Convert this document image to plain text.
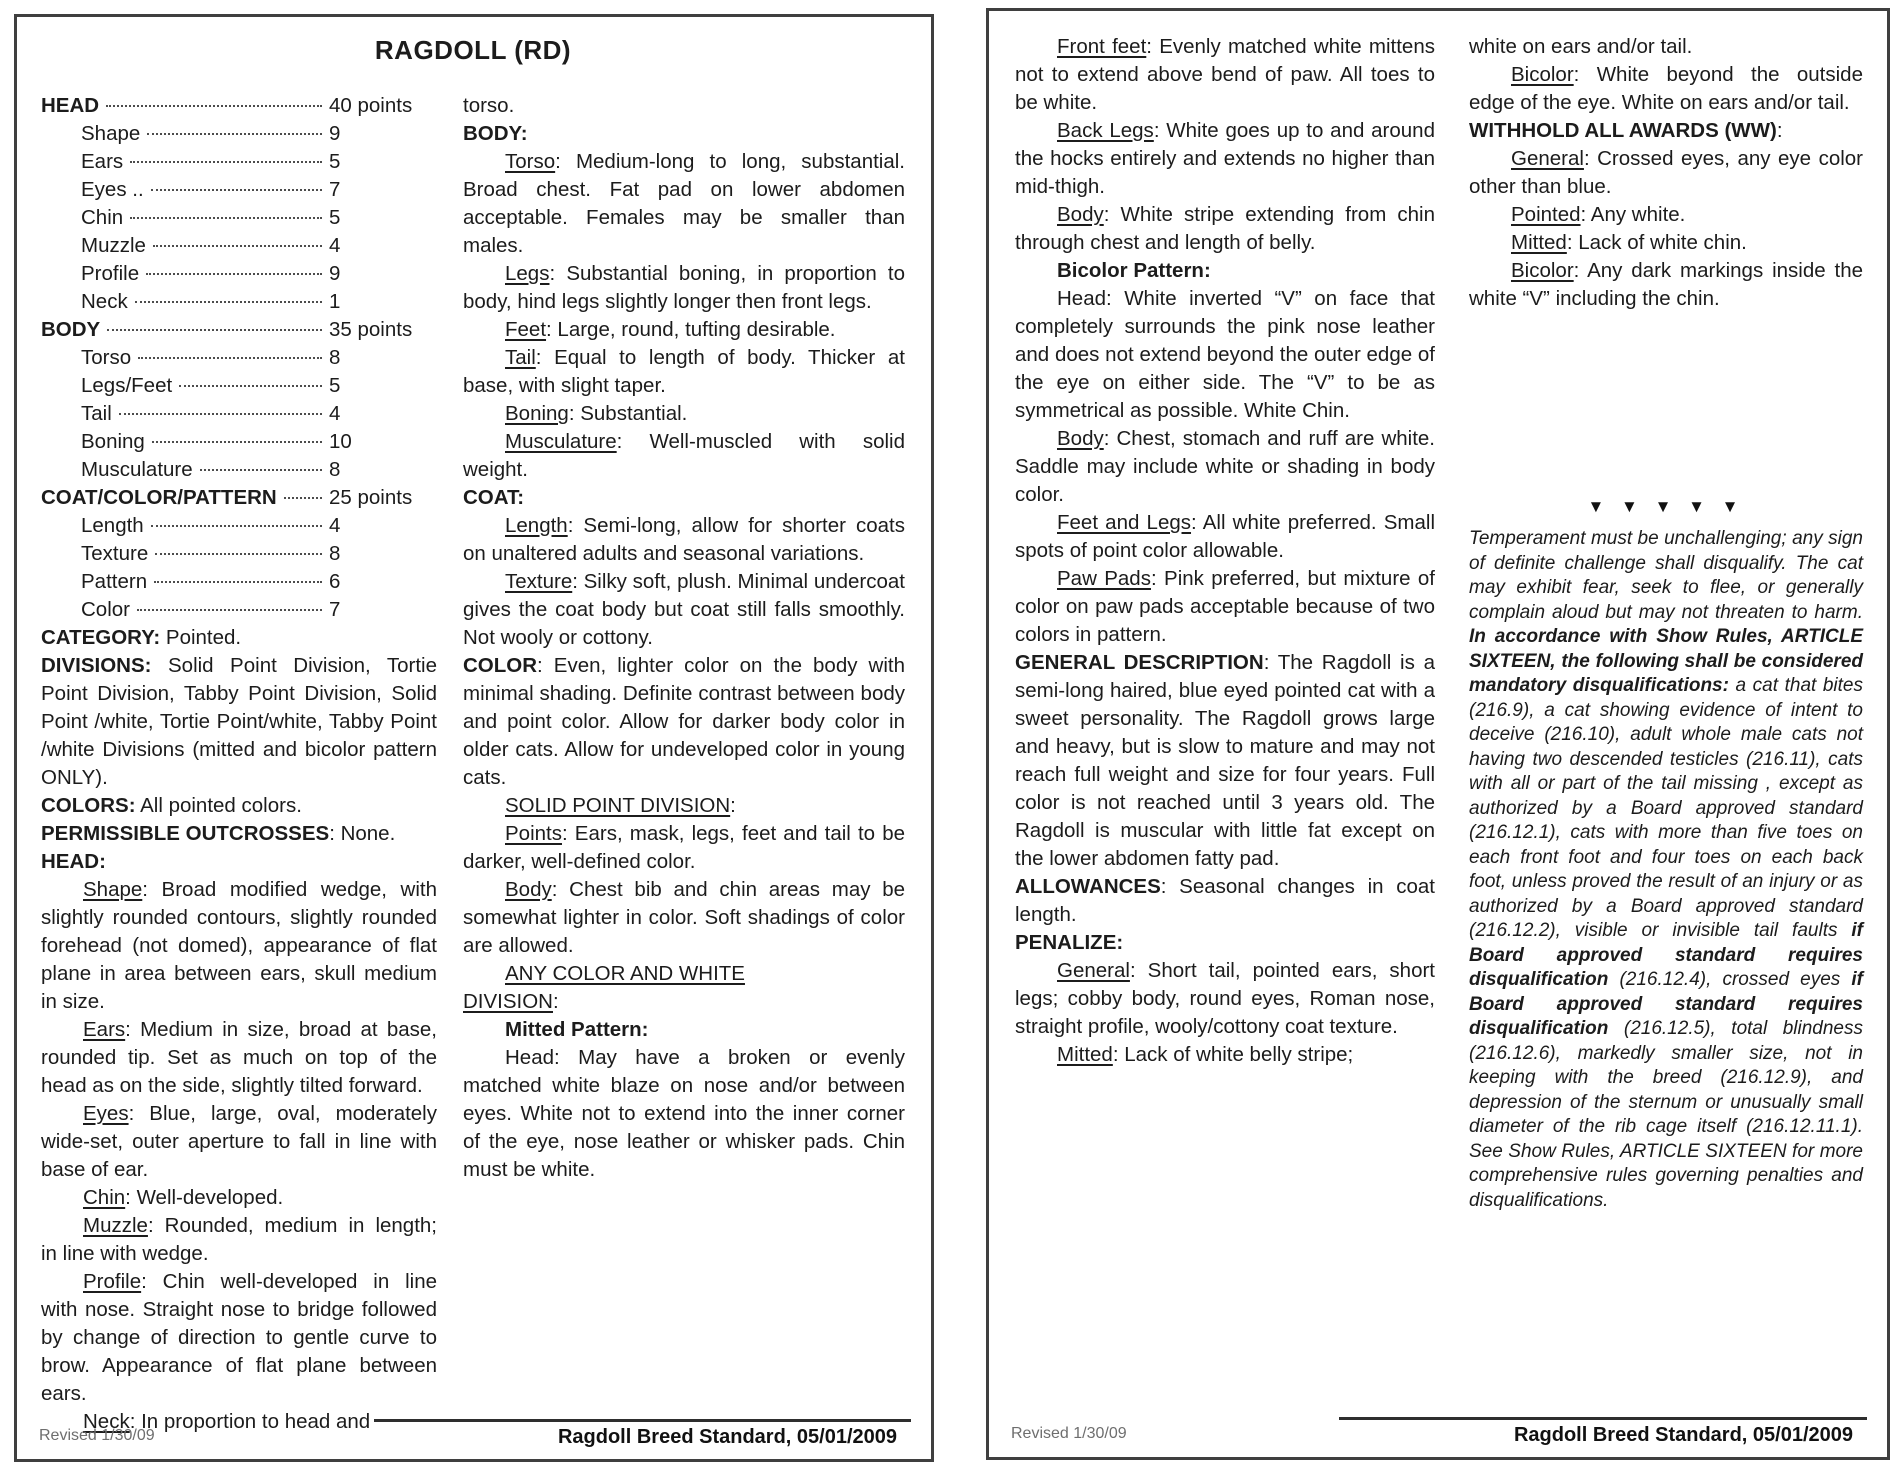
RAGDOLL (RD)
HEAD	40 points
Shape	9
Ears	5
Eyes ..	7
Chin	5
Muzzle	4
Profile	9
Neck	1
BODY	35 points
Torso	8
Legs/Feet	5
Tail	4
Boning	10
Musculature	8
COAT/COLOR/PATTERN	25 points
Length	4
Texture	8
Pattern	6
Color	7

CATEGORY: Pointed.

DIVISIONS: Solid Point Division, Tortie Point Division, Tabby Point Division, Solid Point /white, Tortie Point/white, Tabby Point /white Divisions (mitted and bicolor pattern ONLY).

COLORS: All pointed colors.

PERMISSIBLE OUTCROSSES: None.

HEAD:

Shape: Broad modified wedge, with slightly rounded contours, slightly rounded forehead (not domed), appearance of flat plane in area between ears, skull medium in size.

Ears: Medium in size, broad at base, rounded tip. Set as much on top of the head as on the side, slightly tilted forward.

Eyes: Blue, large, oval, moderately wide-set, outer aperture to fall in line with base of ear.

Chin: Well-developed.

Muzzle: Rounded, medium in length; in line with wedge.

Profile: Chin well-developed in line with nose. Straight nose to bridge followed by change of direction to gentle curve to brow. Appearance of flat plane between ears.

Neck: In proportion to head and

torso.

BODY:

Torso: Medium-long to long, substantial. Broad chest. Fat pad on lower abdomen acceptable. Females may be smaller than males.

Legs: Substantial boning, in proportion to body, hind legs slightly longer then front legs.

Feet: Large, round, tufting desirable.

Tail: Equal to length of body. Thicker at base, with slight taper.

Boning: Substantial.

Musculature: Well-muscled with solid weight.

COAT:

Length: Semi-long, allow for shorter coats on unaltered adults and seasonal variations.

Texture: Silky soft, plush. Minimal undercoat gives the coat body but coat still falls smoothly. Not wooly or cottony.

COLOR: Even, lighter color on the body with minimal shading. Definite contrast between body and point color. Allow for darker body color in older cats. Allow for undeveloped color in young cats.

SOLID POINT DIVISION:

Points: Ears, mask, legs, feet and tail to be darker, well-defined color.

Body: Chest bib and chin areas may be somewhat lighter in color. Soft shadings of color are allowed.

ANY COLOR AND WHITE

DIVISION:

Mitted Pattern:

Head: May have a broken or evenly matched white blaze on nose and/or between eyes. White not to extend into the inner corner of the eye, nose leather or whisker pads. Chin must be white.

Revised 1/30/09	Ragdoll Breed Standard, 05/01/2009

Front feet: Evenly matched white mittens not to extend above bend of paw. All toes to be white.

Back Legs: White goes up to and around the hocks entirely and extends no higher than mid-thigh.

Body: White stripe extending from chin through chest and length of belly.

Bicolor Pattern:

Head: White inverted “V” on face that completely surrounds the pink nose leather and does not extend beyond the outer edge of the eye on either side. The “V” to be as symmetrical as possible. White Chin.

Body: Chest, stomach and ruff are white. Saddle may include white or shading in body color.

Feet and Legs: All white preferred. Small spots of point color allowable.

Paw Pads: Pink preferred, but mixture of color on paw pads acceptable because of two colors in pattern.

GENERAL DESCRIPTION: The Ragdoll is a semi-long haired, blue eyed pointed cat with a sweet personality. The Ragdoll grows large and heavy, but is slow to mature and may not reach full weight and size for four years. Full color is not reached until 3 years old. The Ragdoll is muscular with little fat except on the lower abdomen fatty pad.

ALLOWANCES: Seasonal changes in coat length.

PENALIZE:

General: Short tail, pointed ears, short legs; cobby body, round eyes, Roman nose, straight profile, wooly/cottony coat texture.

Mitted: Lack of white belly stripe;

white on ears and/or tail.

Bicolor: White beyond the outside edge of the eye. White on ears and/or tail.

WITHHOLD ALL AWARDS (WW):

General: Crossed eyes, any eye color other than blue.

Pointed: Any white.

Mitted: Lack of white chin.

Bicolor: Any dark markings inside the white “V” including the chin.

▼ ▼ ▼ ▼ ▼
Temperament must be unchallenging; any sign of definite challenge shall disqualify. The cat may exhibit fear, seek to flee, or generally complain aloud but may not threaten to harm. In accordance with Show Rules, ARTICLE SIXTEEN, the following shall be considered mandatory disqualifications: a cat that bites (216.9), a cat showing evidence of intent to deceive (216.10), adult whole male cats not having two descended testicles (216.11), cats with all or part of the tail missing , except as authorized by a Board approved standard (216.12.1), cats with more than five toes on each front foot and four toes on each back foot, unless proved the result of an injury or as authorized by a Board approved standard (216.12.2), visible or invisible tail faults if Board approved standard requires disqualification (216.12.4), crossed eyes if Board approved standard requires disqualification (216.12.5), total blindness (216.12.6), markedly smaller size, not in keeping with the breed (216.12.9), and depression of the sternum or unusually small diameter of the rib cage itself (216.12.11.1). See Show Rules, ARTICLE SIXTEEN for more comprehensive rules governing penalties and disqualifications.
Revised 1/30/09	Ragdoll Breed Standard, 05/01/2009
